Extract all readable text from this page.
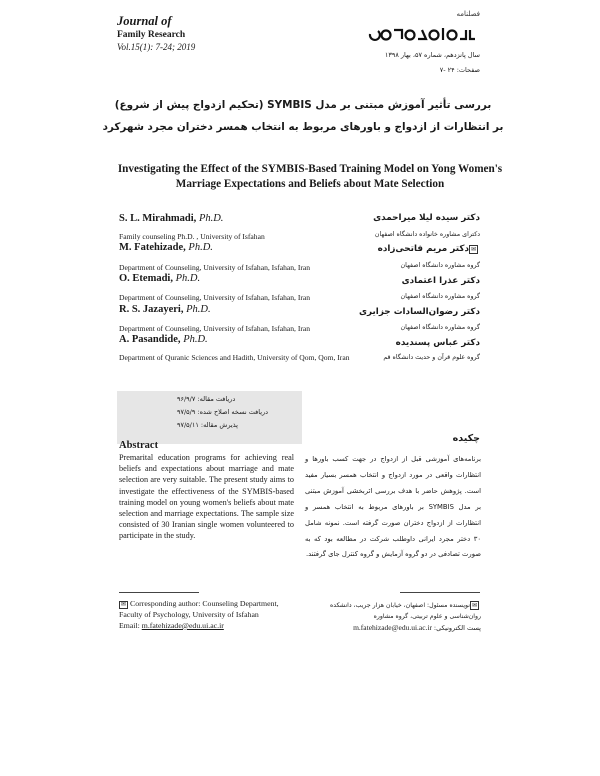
Journal of
Family Research
Vol.15(1): 7-24; 2019
فصلنامه
سال پانزدهم، شماره ۵۷، بهار ۱۳۹۸
صفحات: ۲۴ -۷
بررسی تأثیر آموزش مبتنی بر مدل SYMBIS (تحکیم ازدواج پیش از شروع)
بر انتظارات از ازدواج و باورهای مربوط به انتخاب همسر دختران مجرد شهرکرد
Investigating the Effect of the SYMBIS-Based Training Model on Yong Women's Marriage Expectations and Beliefs about Mate Selection
S. L. Mirahmadi, Ph.D.
Family counseling Ph.D. , University of Isfahan
M. Fatehizade, Ph.D.
Department of Counseling, University of Isfahan, Isfahan, Iran
O. Etemadi, Ph.D.
Department of Counseling, University of Isfahan, Isfahan, Iran
R. S. Jazayeri, Ph.D.
Department of Counseling, University of Isfahan, Isfahan, Iran
A. Pasandide, Ph.D.
Department of Quranic Sciences and Hadith, University of Qom, Qom, Iran
دکتر سیده لیلا میراحمدی
دکترای مشاوره خانواده دانشگاه اصفهان
✉دکتر مریم فاتحی‌زاده
گروه مشاوره دانشگاه اصفهان
دکتر عذرا اعتمادی
گروه مشاوره دانشگاه اصفهان
دکتر رضوان‌السادات جزایری
گروه مشاوره دانشگاه اصفهان
دکتر عباس پسندیده
گروه علوم قرآن و حدیث دانشگاه قم
دریافت مقاله: ۹۶/۹/۷
دریافت نسخه اصلاح شده: ۹۷/۵/۹
پذیرش مقاله: ۹۷/۵/۱۱
Abstract
Premarital education programs for achieving real beliefs and expectations about marriage and mate selection are very suitable. The present study aims to investigate the effectiveness of the SYMBIS-based training model on young women's beliefs about mate selection and marriage expectations. The sample size consisted of 30 Iranian single women volunteered to participate in the study.
چکیده
برنامه‌های آموزشی قبل از ازدواج در جهت کسب باورها و انتظارات واقعی در مورد ازدواج و انتخاب همسر بسیار مفید است. پژوهش حاضر با هدف بررسی اثربخشی آموزش مبتنی بر مدل SYMBIS بر باورهای مربوط به انتخاب همسر و انتظارات از ازدواج دختران صورت گرفته است. نمونه شامل ۳۰ دختر مجرد ایرانی داوطلب شرکت در مطالعه بود که به صورت تصادفی در دو گروه آزمایش و گروه کنترل جای گرفتند.
✉ Corresponding author: Counseling Department, Faculty of Psychology, University of Isfahan
Email: m.fatehizade@edu.ui.ac.ir
✉نویسنده مسئول: اصفهان، خیابان هزار جریب، دانشکده روان‌شناسی و علوم تربیتی، گروه مشاوره
پست الکترونیکی: m.fatehizade@edu.ui.ac.ir
